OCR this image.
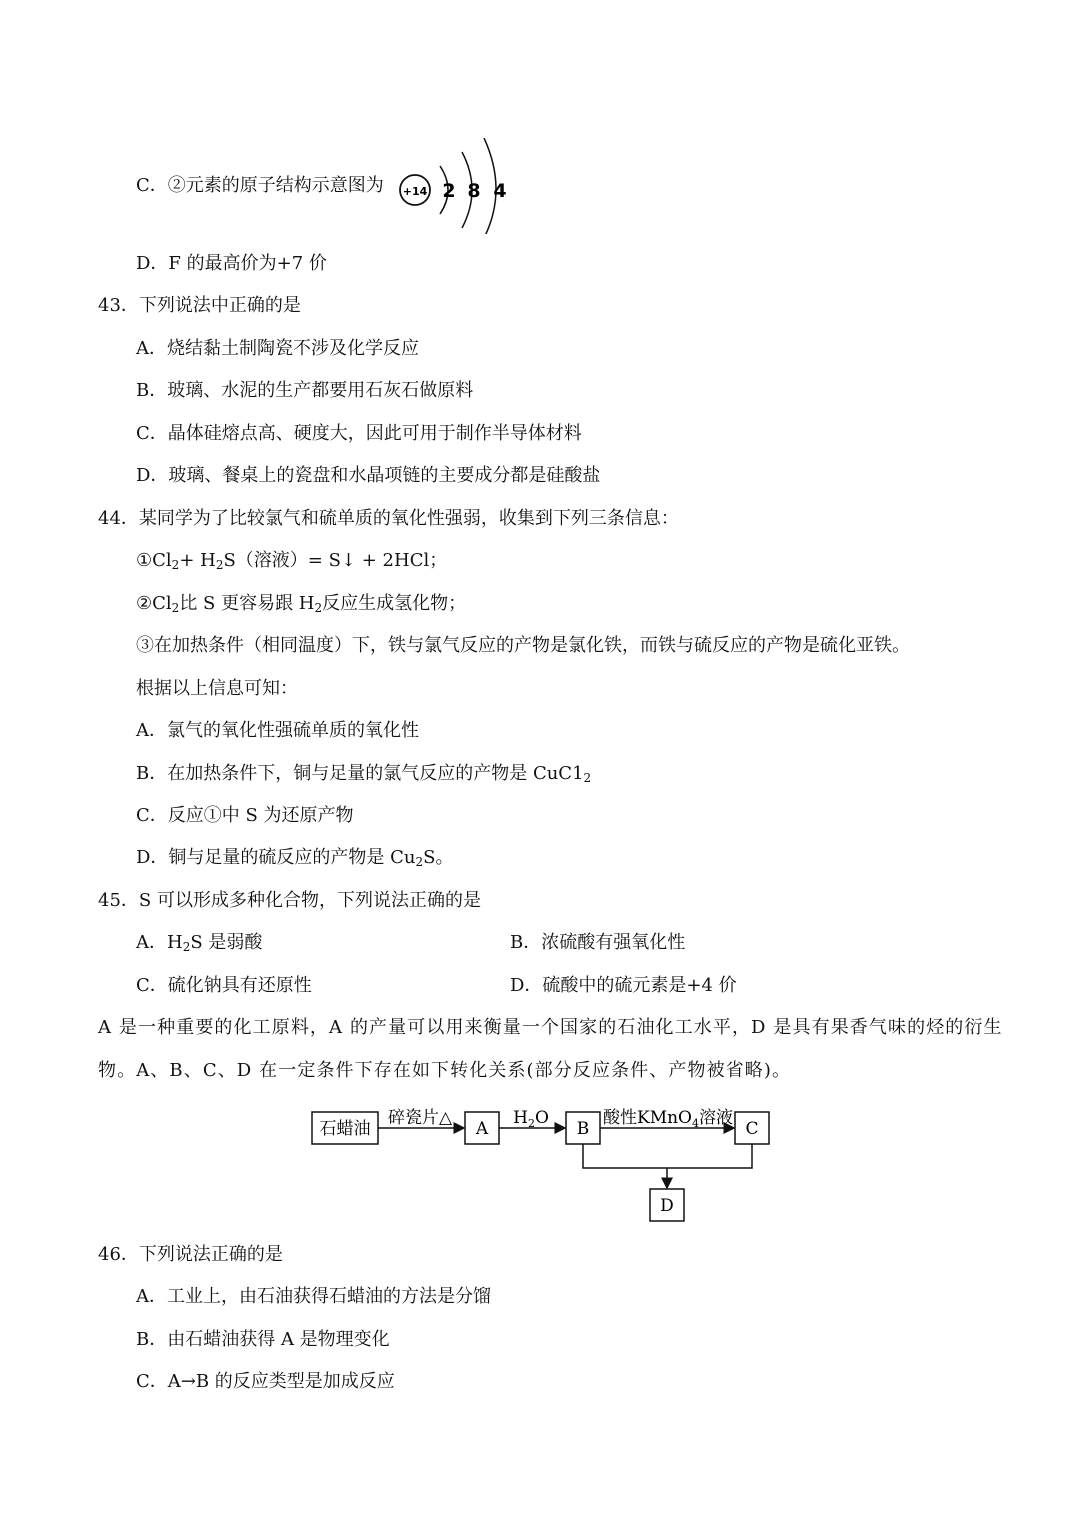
C．②元素的原子结构示意图为 +14 2 8 4
D．F 的最高价为+7 价
43．下列说法中正确的是
A．烧结黏土制陶瓷不涉及化学反应
B．玻璃、水泥的生产都要用石灰石做原料
C．晶体硅熔点高、硬度大，因此可用于制作半导体材料
D．玻璃、餐桌上的瓷盘和水晶项链的主要成分都是硅酸盐
44．某同学为了比较氯气和硫单质的氧化性强弱，收集到下列三条信息：
$①Cl_2+ H_2S$（溶液）= S↓ + 2HCl；
$②Cl_2$比 S 更容易跟 $H_2$反应生成氢化物；
③在加热条件（相同温度）下，铁与氯气反应的产物是氯化铁，而铁与硫反应的产物是硫化亚铁。
根据以上信息可知：
A．氯气的氧化性强硫单质的氧化性
B．在加热条件下，铜与足量的氯气反应的产物是 $CuC1_2$
C．反应①中 S 为还原产物
D．铜与足量的硫反应的产物是 $Cu_2S$。
45．S 可以形成多种化合物，下列说法正确的是
A．$H_2S$ 是弱酸	B．浓硫酸有强氧化性
C．硫化钠具有还原性	D．硫酸中的硫元素是+4 价
A 是一种重要的化工原料，A 的产量可以用来衡量一个国家的石油化工水平，D 是具有果香气味的烃的衍生
物。A、B、C、D 在一定条件下存在如下转化关系(部分反应条件、产物被省略)。
石蜡油
碎瓷片△
A
$H_2O$
B
酸性KMnO$_4$溶液
C
D
46．下列说法正确的是
A．工业上，由石油获得石蜡油的方法是分馏
B．由石蜡油获得 A 是物理变化
C．A→B 的反应类型是加成反应
